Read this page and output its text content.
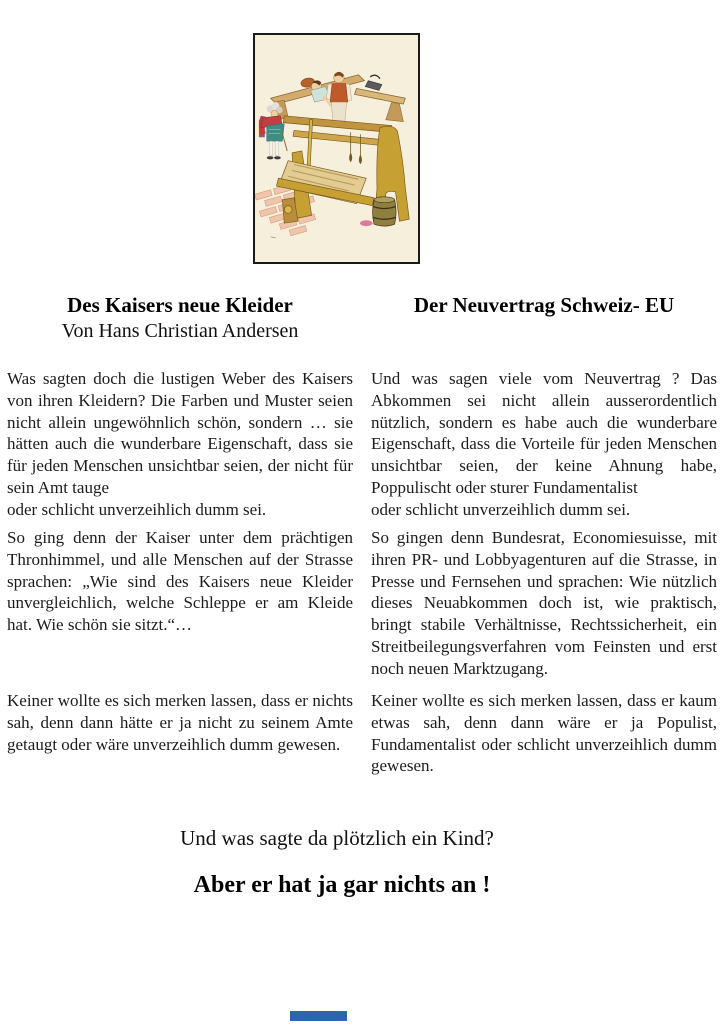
Des Kaisers neue Kleider
Von Hans Christian Andersen

Was sagten doch die lustigen Weber des Kaisers von ihren Kleidern? Die Farben und Muster seien nicht allein ungewöhnlich schön, sondern … sie hätten auch die wunderbare Eigenschaft, dass sie für jeden Menschen unsichtbar seien, der nicht für sein Amt tauge
oder schlicht unverzeihlich dumm sei.

So ging denn der Kaiser unter dem prächtigen Thronhimmel, und alle Menschen auf der Strasse sprachen: „Wie sind des Kaisers neue Kleider unvergleichlich, welche Schleppe er am Kleide hat. Wie schön sie sitzt.“…

Keiner wollte es sich merken lassen, dass er nichts sah, denn dann hätte er ja nicht zu seinem Amte getaugt oder wäre unverzeihlich dumm gewesen.

Der Neuvertrag Schweiz- EU

Und was sagen viele vom Neuvertrag ? Das Abkommen sei nicht allein ausserordentlich nützlich, sondern es habe auch die wunderbare Eigenschaft, dass die Vorteile für jeden Menschen unsichtbar seien, der keine Ahnung habe, Poppulischt oder sturer Fundamentalist
oder schlicht unverzeihlich dumm sei.

So gingen denn Bundesrat, Economiesuisse, mit ihren PR- und Lobbyagenturen auf die Strasse, in Presse und Fernsehen und sprachen: Wie nützlich dieses Neuabkommen doch ist, wie praktisch, bringt stabile Verhältnisse, Rechtssicherheit, ein Streitbeilegungsverfahren vom Feinsten und erst noch neuen Marktzugang.

Keiner wollte es sich merken lassen, dass er kaum etwas sah, denn dann wäre er ja Populist, Fundamentalist oder schlicht unverzeihlich dumm gewesen.

Und was sagte da plötzlich ein Kind?
Aber er hat ja gar nichts an !
